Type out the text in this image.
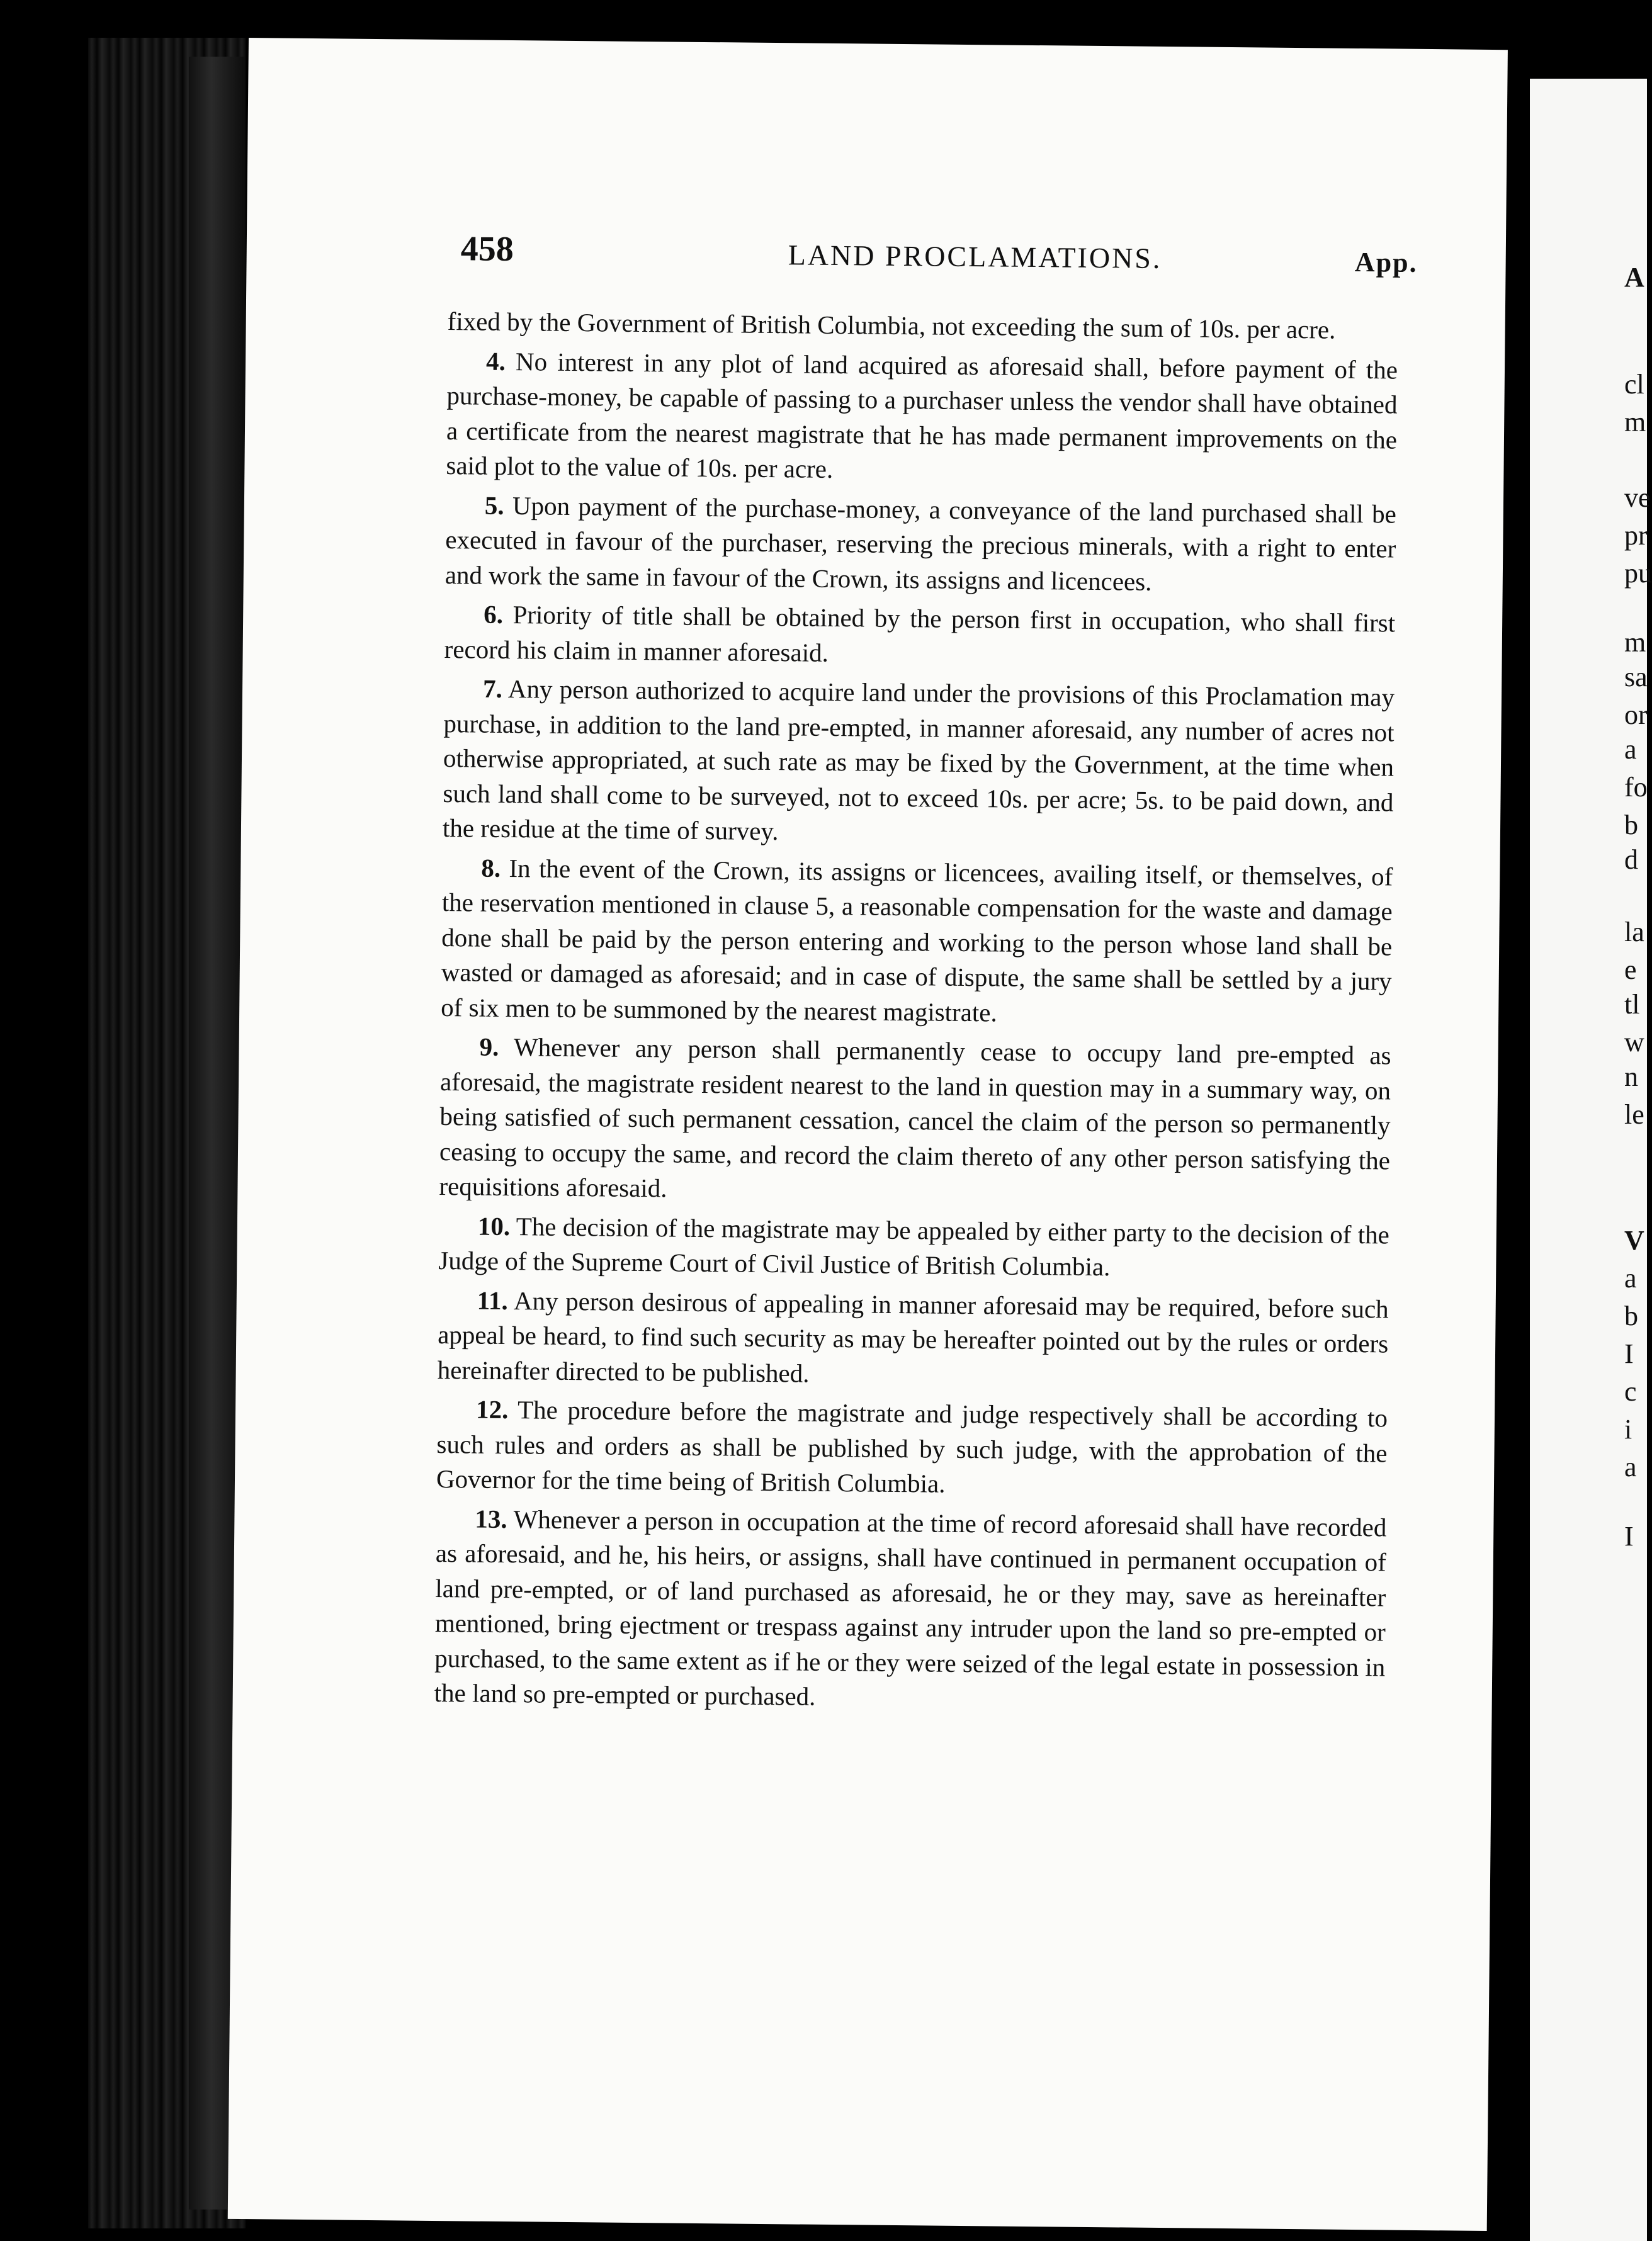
458	LAND PROCLAMATIONS.	App.

fixed by the Government of British Columbia, not exceeding the sum of 10s. per acre.

4. No interest in any plot of land acquired as aforesaid shall, before payment of the purchase-money, be capable of passing to a purchaser unless the vendor shall have obtained a certificate from the nearest magistrate that he has made permanent improvements on the said plot to the value of 10s. per acre.

5. Upon payment of the purchase-money, a conveyance of the land purchased shall be executed in favour of the purchaser, reserving the precious minerals, with a right to enter and work the same in favour of the Crown, its assigns and licencees.

6. Priority of title shall be obtained by the person first in occupation, who shall first record his claim in manner aforesaid.

7. Any person authorized to acquire land under the provisions of this Proclamation may purchase, in addition to the land pre-empted, in manner aforesaid, any number of acres not otherwise appropriated, at such rate as may be fixed by the Government, at the time when such land shall come to be surveyed, not to exceed 10s. per acre; 5s. to be paid down, and the residue at the time of survey.

8. In the event of the Crown, its assigns or licencees, availing itself, or themselves, of the reservation mentioned in clause 5, a reasonable compensation for the waste and damage done shall be paid by the person entering and working to the person whose land shall be wasted or damaged as aforesaid; and in case of dispute, the same shall be settled by a jury of six men to be summoned by the nearest magistrate.

9. Whenever any person shall permanently cease to occupy land pre-empted as aforesaid, the magistrate resident nearest to the land in question may in a summary way, on being satisfied of such permanent cessation, cancel the claim of the person so permanently ceasing to occupy the same, and record the claim thereto of any other person satisfying the requisitions aforesaid.

10. The decision of the magistrate may be appealed by either party to the decision of the Judge of the Supreme Court of Civil Justice of British Columbia.

11. Any person desirous of appealing in manner aforesaid may be required, before such appeal be heard, to find such security as may be hereafter pointed out by the rules or orders hereinafter directed to be published.

12. The procedure before the magistrate and judge respectively shall be according to such rules and orders as shall be published by such judge, with the approbation of the Governor for the time being of British Columbia.

13. Whenever a person in occupation at the time of record aforesaid shall have recorded as aforesaid, and he, his heirs, or assigns, shall have continued in permanent occupation of land pre-empted, or of land purchased as aforesaid, he or they may, save as hereinafter mentioned, bring ejectment or trespass against any intruder upon the land so pre-empted or purchased, to the same extent as if he or they were seized of the legal estate in possession in the land so pre-empted or purchased.

A
cl
m
ve
pr
pu
m
sa
or
a
fo
b
d
la
e
tl
w
n
le
V
a
b
I
c
i
a
I
